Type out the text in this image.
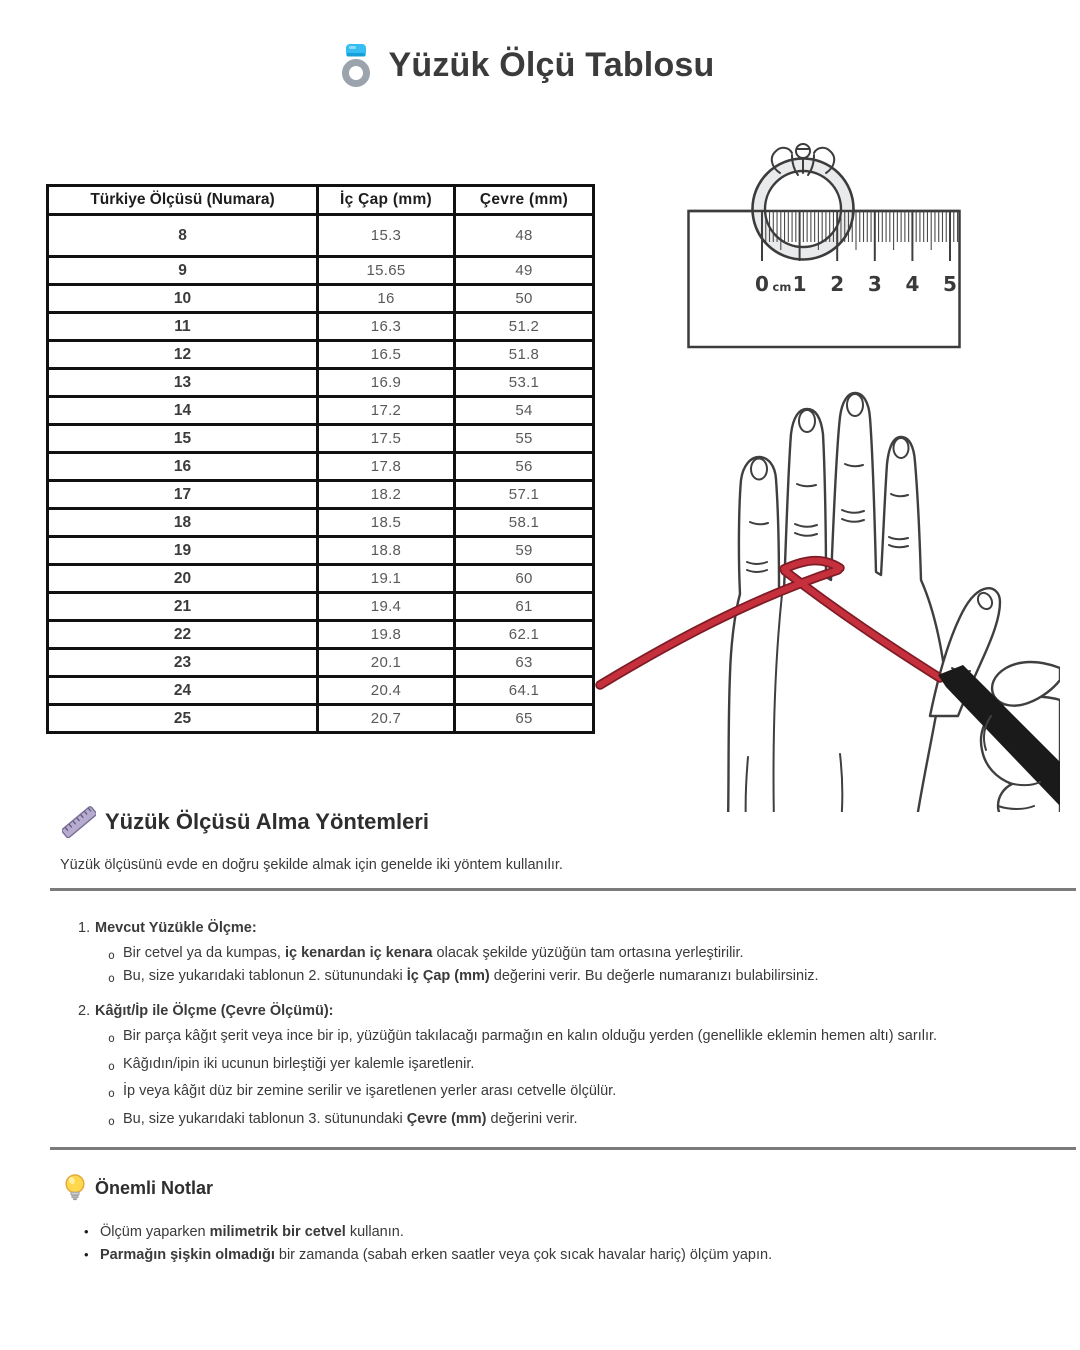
Yüzük Ölçü Tablosu
Türkiye Ölçüsü (Numara)	İç Çap (mm)	Çevre (mm)
8	15.3	48
9	15.65	49
10	16	50
11	16.3	51.2
12	16.5	51.8
13	16.9	53.1
14	17.2	54
15	17.5	55
16	17.8	56
17	18.2	57.1
18	18.5	58.1
19	18.8	59
20	19.1	60
21	19.4	61
22	19.8	62.1
23	20.1	63
24	20.4	64.1
25	20.7	65
0 1 2 3 4 5
cm
Yüzük Ölçüsü Alma Yöntemleri
Yüzük ölçüsünü evde en doğru şekilde almak için genelde iki yöntem kullanılır.
1. Mevcut Yüzükle Ölçme:
o Bir cetvel ya da kumpas, iç kenardan iç kenara olacak şekilde yüzüğün tam ortasına yerleştirilir.
o Bu, size yukarıdaki tablonun 2. sütunundaki İç Çap (mm) değerini verir. Bu değerle numaranızı bulabilirsiniz.
2. Kâğıt/İp ile Ölçme (Çevre Ölçümü):
o Bir parça kâğıt şerit veya ince bir ip, yüzüğün takılacağı parmağın en kalın olduğu yerden (genellikle eklemin hemen altı) sarılır.
o Kâğıdın/ipin iki ucunun birleştiği yer kalemle işaretlenir.
o İp veya kâğıt düz bir zemine serilir ve işaretlenen yerler arası cetvelle ölçülür.
o Bu, size yukarıdaki tablonun 3. sütunundaki Çevre (mm) değerini verir.
Önemli Notlar
• Ölçüm yaparken milimetrik bir cetvel kullanın.
• Parmağın şişkin olmadığı bir zamanda (sabah erken saatler veya çok sıcak havalar hariç) ölçüm yapın.
